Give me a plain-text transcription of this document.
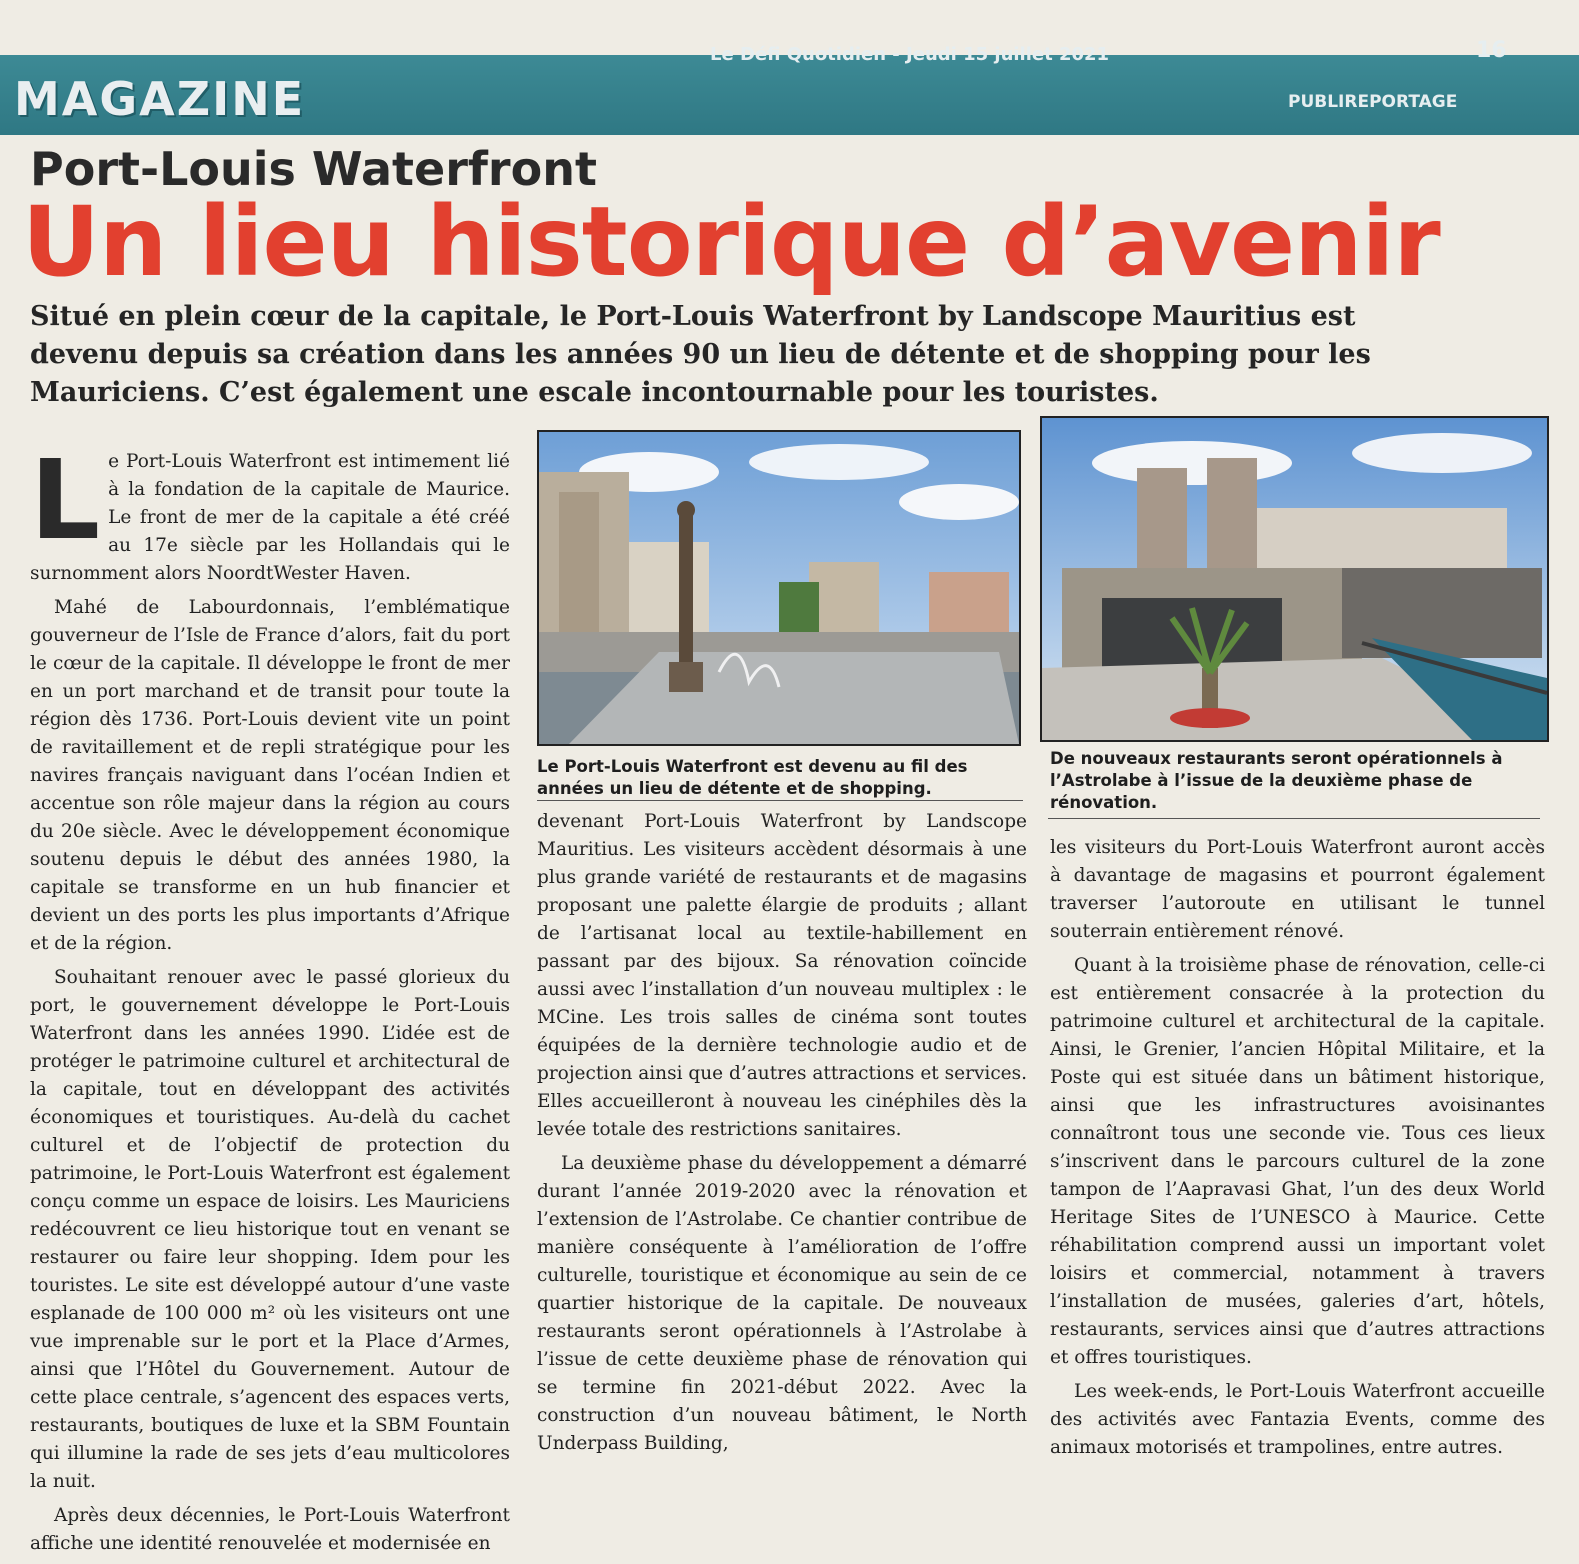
MAGAZINE
Le Défi Quotidien - Jeudi 15 juillet 2021	16
PUBLIREPORTAGE
Port-Louis Waterfront
Un lieu historique d’avenir
Situé en plein cœur de la capitale, le Port-Louis Waterfront by Landscope Mauritius est devenu depuis sa création dans les années 90 un lieu de détente et de shopping pour les Mauriciens. C’est également une escale incontournable pour les touristes.

Le Port-Louis Waterfront est intimement lié à la fondation de la capitale de Maurice. Le front de mer de la capitale a été créé au 17e siècle par les Hollandais qui le surnomment alors NoordtWester Haven.

Mahé de Labourdonnais, l’emblématique gouverneur de l’Isle de France d’alors, fait du port le cœur de la capitale. Il développe le front de mer en un port marchand et de transit pour toute la région dès 1736. Port-Louis devient vite un point de ravitaillement et de repli stratégique pour les navires français naviguant dans l’océan Indien et accentue son rôle majeur dans la région au cours du 20e siècle. Avec le développement économique soutenu depuis le début des années 1980, la capitale se transforme en un hub financier et devient un des ports les plus importants d’Afrique et de la région.

Souhaitant renouer avec le passé glorieux du port, le gouvernement développe le Port-Louis Waterfront dans les années 1990. L’idée est de protéger le patrimoine culturel et architectural de la capitale, tout en développant des activités économiques et touristiques. Au-delà du cachet culturel et de l’objectif de protection du patrimoine, le Port-Louis Waterfront est également conçu comme un espace de loisirs. Les Mauriciens redécouvrent ce lieu historique tout en venant se restaurer ou faire leur shopping. Idem pour les touristes. Le site est développé autour d’une vaste esplanade de 100 000 m² où les visiteurs ont une vue imprenable sur le port et la Place d’Armes, ainsi que l’Hôtel du Gouvernement. Autour de cette place centrale, s’agencent des espaces verts, restaurants, boutiques de luxe et la SBM Fountain qui illumine la rade de ses jets d’eau multicolores la nuit.

Après deux décennies, le Port-Louis Waterfront affiche une identité renouvelée et modernisée en

Le Port-Louis Waterfront est devenu au fil des années un lieu de détente et de shopping.
De nouveaux restaurants seront opérationnels à l’Astrolabe à l’issue de la deuxième phase de rénovation.

devenant Port-Louis Waterfront by Landscope Mauritius. Les visiteurs accèdent désormais à une plus grande variété de restaurants et de magasins proposant une palette élargie de produits ; allant de l’artisanat local au textile-habillement en passant par des bijoux. Sa rénovation coïncide aussi avec l’installation d’un nouveau multiplex : le MCine. Les trois salles de cinéma sont toutes équipées de la dernière technologie audio et de projection ainsi que d’autres attractions et services. Elles accueilleront à nouveau les cinéphiles dès la levée totale des restrictions sanitaires.

La deuxième phase du développement a démarré durant l’année 2019-2020 avec la rénovation et l’extension de l’Astrolabe. Ce chantier contribue de manière conséquente à l’amélioration de l’offre culturelle, touristique et économique au sein de ce quartier historique de la capitale. De nouveaux restaurants seront opérationnels à l’Astrolabe à l’issue de cette deuxième phase de rénovation qui se termine fin 2021-début 2022. Avec la construction d’un nouveau bâtiment, le North Underpass Building,

les visiteurs du Port-Louis Waterfront auront accès à davantage de magasins et pourront également traverser l’autoroute en utilisant le tunnel souterrain entièrement rénové.

Quant à la troisième phase de rénovation, celle-ci est entièrement consacrée à la protection du patrimoine culturel et architectural de la capitale. Ainsi, le Grenier, l’ancien Hôpital Militaire, et la Poste qui est située dans un bâtiment historique, ainsi que les infrastructures avoisinantes connaîtront tous une seconde vie. Tous ces lieux s’inscrivent dans le parcours culturel de la zone tampon de l’Aapravasi Ghat, l’un des deux World Heritage Sites de l’UNESCO à Maurice. Cette réhabilitation comprend aussi un important volet loisirs et commercial, notamment à travers l’installation de musées, galeries d’art, hôtels, restaurants, services ainsi que d’autres attractions et offres touristiques.

Les week-ends, le Port-Louis Waterfront accueille des activités avec Fantazia Events, comme des animaux motorisés et trampolines, entre autres.
